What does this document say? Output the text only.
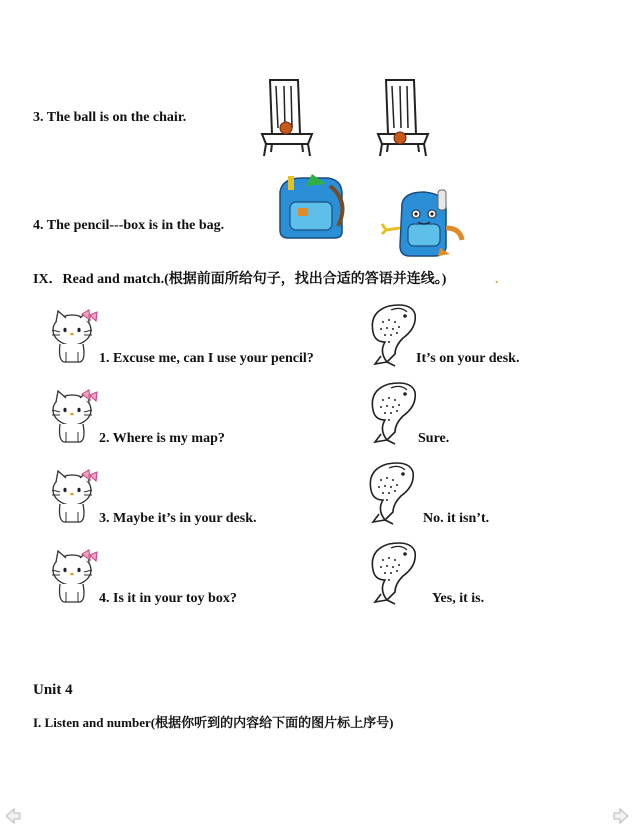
3. The ball is on the chair.
4. The pencil---box is in the bag.
IX．Read and match.(根据前面所给句子，找出合适的答语并连线。)	.
1. Excuse me, can I use your pencil?	It’s on your desk.
2. Where is my map?	Sure.
3. Maybe it’s in your desk.	No. it isn’t.
4. Is it in your toy box?	Yes, it is.
Unit 4
I. Listen and number(根据你听到的内容给下面的图片标上序号)
